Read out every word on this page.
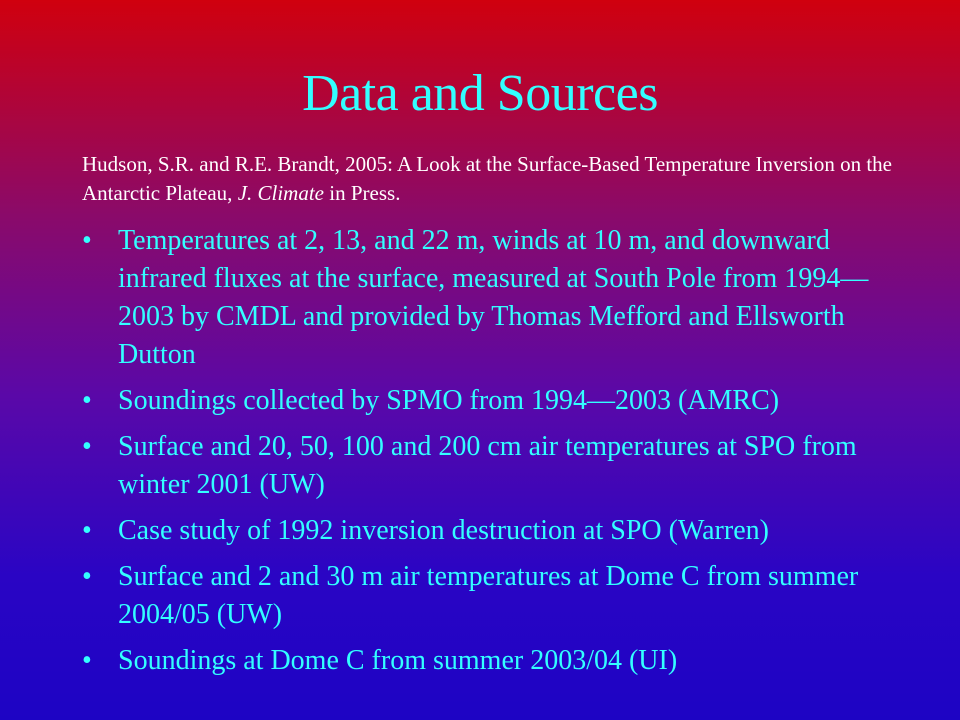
Data and Sources
Hudson, S.R. and R.E. Brandt, 2005: A Look at the Surface-Based Temperature Inversion on the Antarctic Plateau, J. Climate in Press.
• Temperatures at 2, 13, and 22 m, winds at 10 m, and downward infrared fluxes at the surface, measured at South Pole from 1994—2003 by CMDL and provided by Thomas Mefford and Ellsworth Dutton
• Soundings collected by SPMO from 1994—2003 (AMRC)
• Surface and 20, 50, 100 and 200 cm air temperatures at SPO from winter 2001 (UW)
• Case study of 1992 inversion destruction at SPO (Warren)
• Surface and 2 and 30 m air temperatures at Dome C from summer 2004/05 (UW)
• Soundings at Dome C from summer 2003/04 (UI)
